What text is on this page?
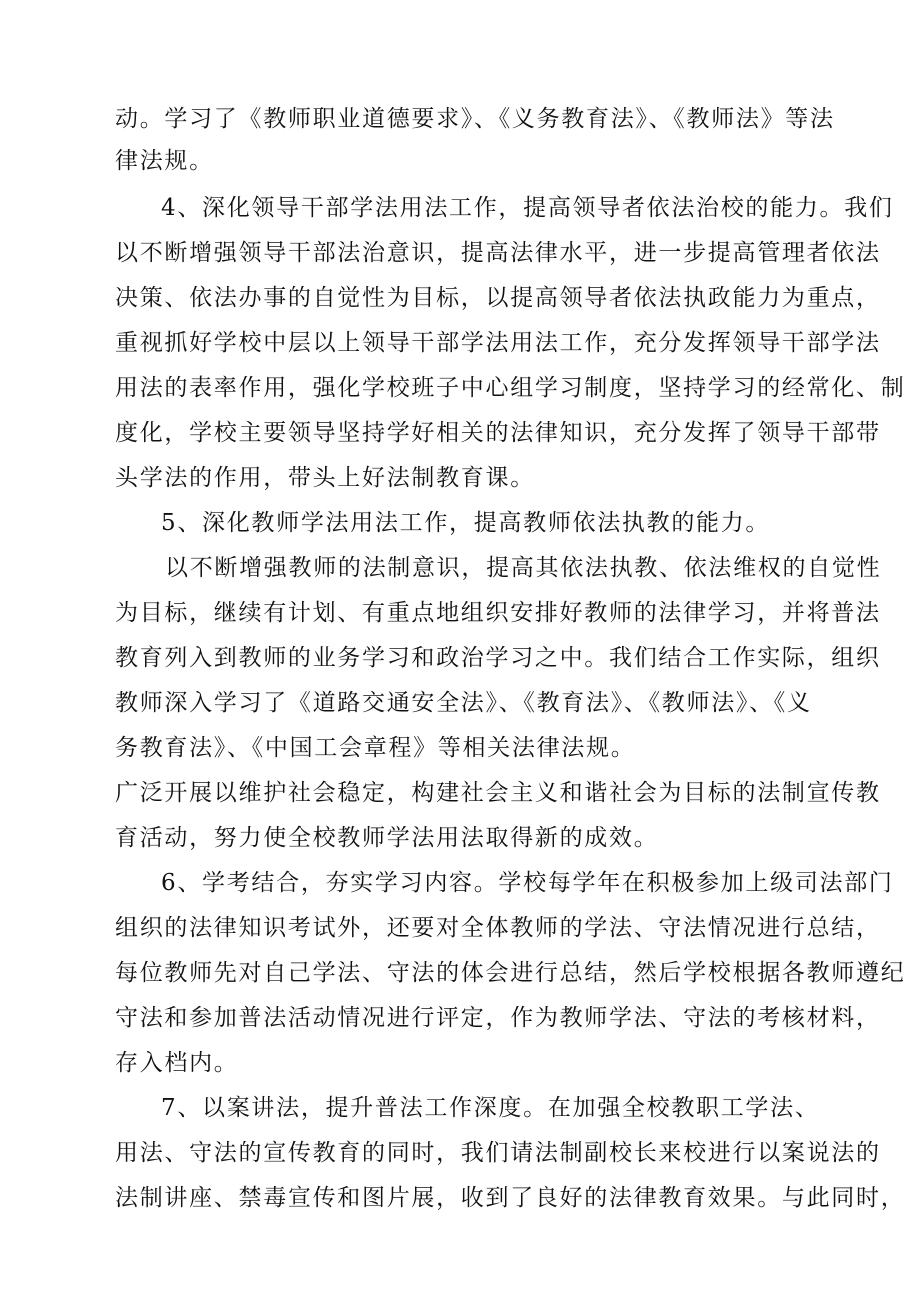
动。学习了《教师职业道德要求》、《义务教育法》、《教师法》等法
律法规。
4、深化领导干部学法用法工作，提高领导者依法治校的能力。我们
以不断增强领导干部法治意识，提高法律水平，进一步提高管理者依法
决策、依法办事的自觉性为目标，以提高领导者依法执政能力为重点，
重视抓好学校中层以上领导干部学法用法工作，充分发挥领导干部学法
用法的表率作用，强化学校班子中心组学习制度，坚持学习的经常化、制
度化，学校主要领导坚持学好相关的法律知识，充分发挥了领导干部带
头学法的作用，带头上好法制教育课。
5、深化教师学法用法工作，提高教师依法执教的能力。
以不断增强教师的法制意识，提高其依法执教、依法维权的自觉性
为目标，继续有计划、有重点地组织安排好教师的法律学习，并将普法
教育列入到教师的业务学习和政治学习之中。我们结合工作实际，组织
教师深入学习了《道路交通安全法》、《教育法》、《教师法》、《义
务教育法》、《中国工会章程》等相关法律法规。
广泛开展以维护社会稳定，构建社会主义和谐社会为目标的法制宣传教
育活动，努力使全校教师学法用法取得新的成效。
6、学考结合，夯实学习内容。学校每学年在积极参加上级司法部门
组织的法律知识考试外，还要对全体教师的学法、守法情况进行总结，
每位教师先对自己学法、守法的体会进行总结，然后学校根据各教师遵纪
守法和参加普法活动情况进行评定，作为教师学法、守法的考核材料，
存入档内。
7、以案讲法，提升普法工作深度。在加强全校教职工学法、
用法、守法的宣传教育的同时，我们请法制副校长来校进行以案说法的
法制讲座、禁毒宣传和图片展，收到了良好的法律教育效果。与此同时，
